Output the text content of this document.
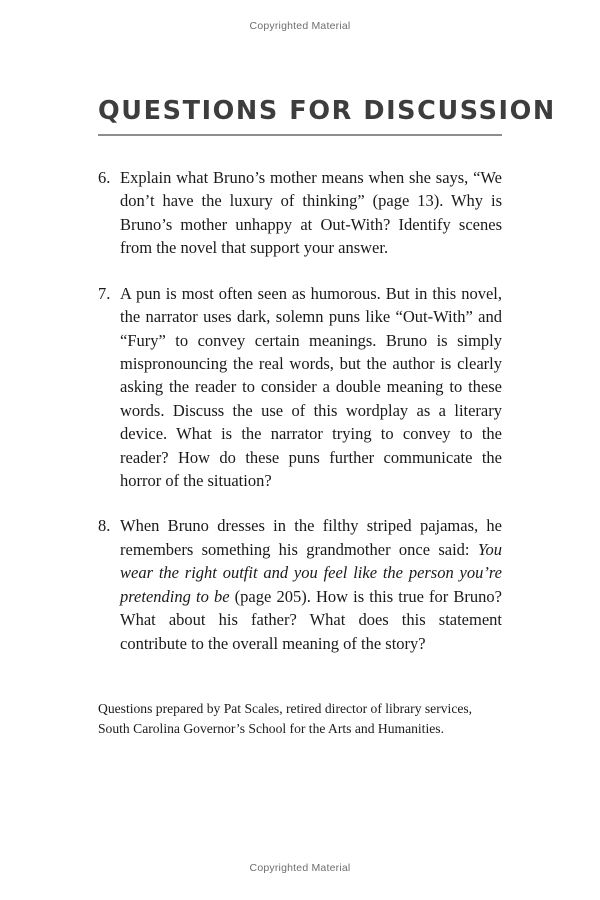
Copyrighted Material
QUESTIONS FOR DISCUSSION
6. Explain what Bruno’s mother means when she says, “We don’t have the luxury of thinking” (page 13). Why is Bruno’s mother unhappy at Out-With? Identify scenes from the novel that support your answer.
7. A pun is most often seen as humorous. But in this novel, the narrator uses dark, solemn puns like “Out-With” and “Fury” to convey certain meanings. Bruno is simply mispronouncing the real words, but the author is clearly asking the reader to consider a double meaning to these words. Discuss the use of this wordplay as a literary device. What is the narrator trying to convey to the reader? How do these puns further communicate the horror of the situation?
8. When Bruno dresses in the filthy striped pajamas, he remembers something his grandmother once said: You wear the right outfit and you feel like the person you’re pretending to be (page 205). How is this true for Bruno? What about his father? What does this statement contribute to the overall meaning of the story?

Questions prepared by Pat Scales, retired director of library services, South Carolina Governor’s School for the Arts and Humanities.

Copyrighted Material
